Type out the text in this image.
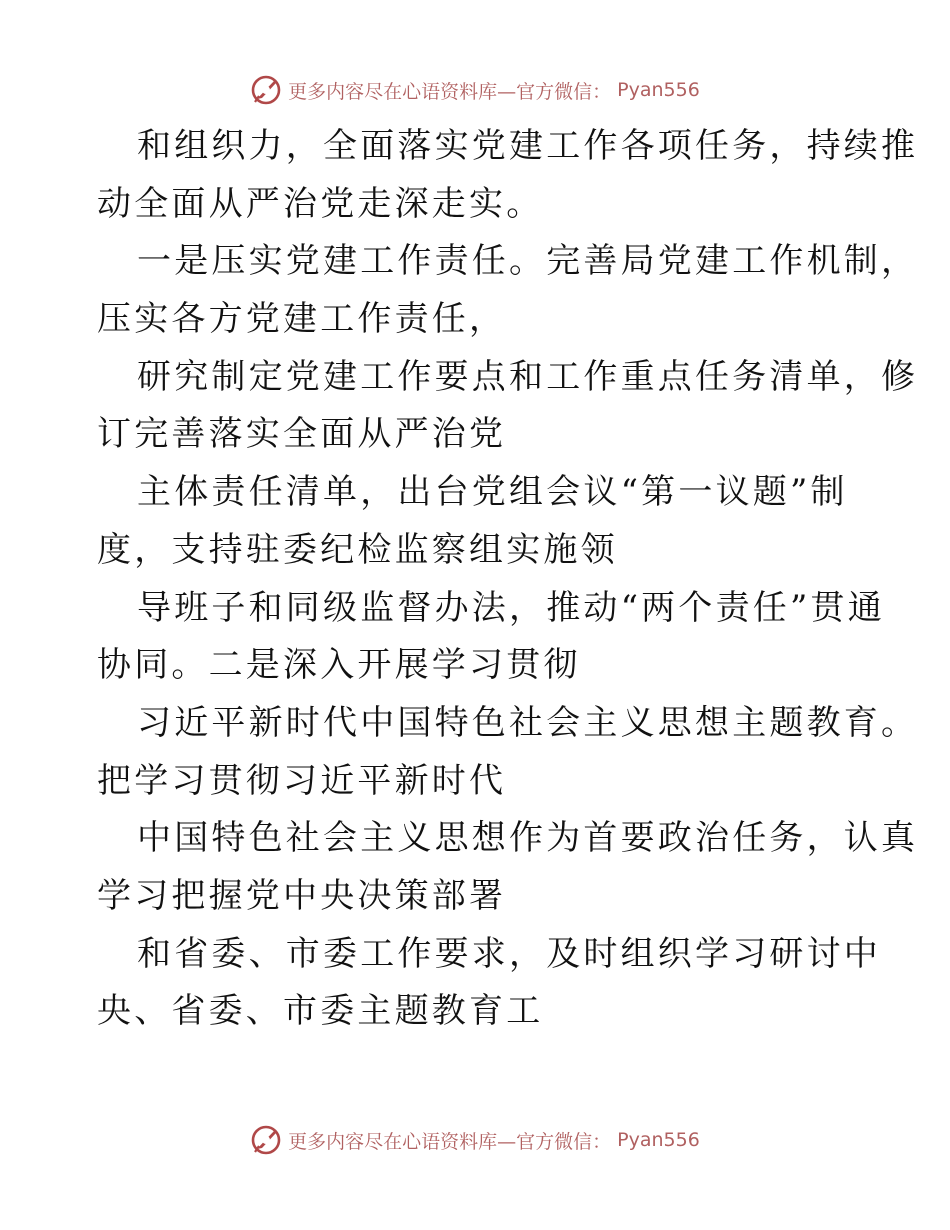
更多内容尽在心语资料库—官方微信： Pyan556
和组织力，全面落实党建工作各项任务，持续推
动全面从严治党走深走实。
一是压实党建工作责任。完善局党建工作机制，
压实各方党建工作责任，
研究制定党建工作要点和工作重点任务清单，修
订完善落实全面从严治党
主体责任清单，出台党组会议“第一议题”制
度，支持驻委纪检监察组实施领
导班子和同级监督办法，推动“两个责任”贯通
协同。二是深入开展学习贯彻
习近平新时代中国特色社会主义思想主题教育。
把学习贯彻习近平新时代
中国特色社会主义思想作为首要政治任务，认真
学习把握党中央决策部署
和省委、市委工作要求，及时组织学习研讨中
央、省委、市委主题教育工
更多内容尽在心语资料库—官方微信： Pyan556
